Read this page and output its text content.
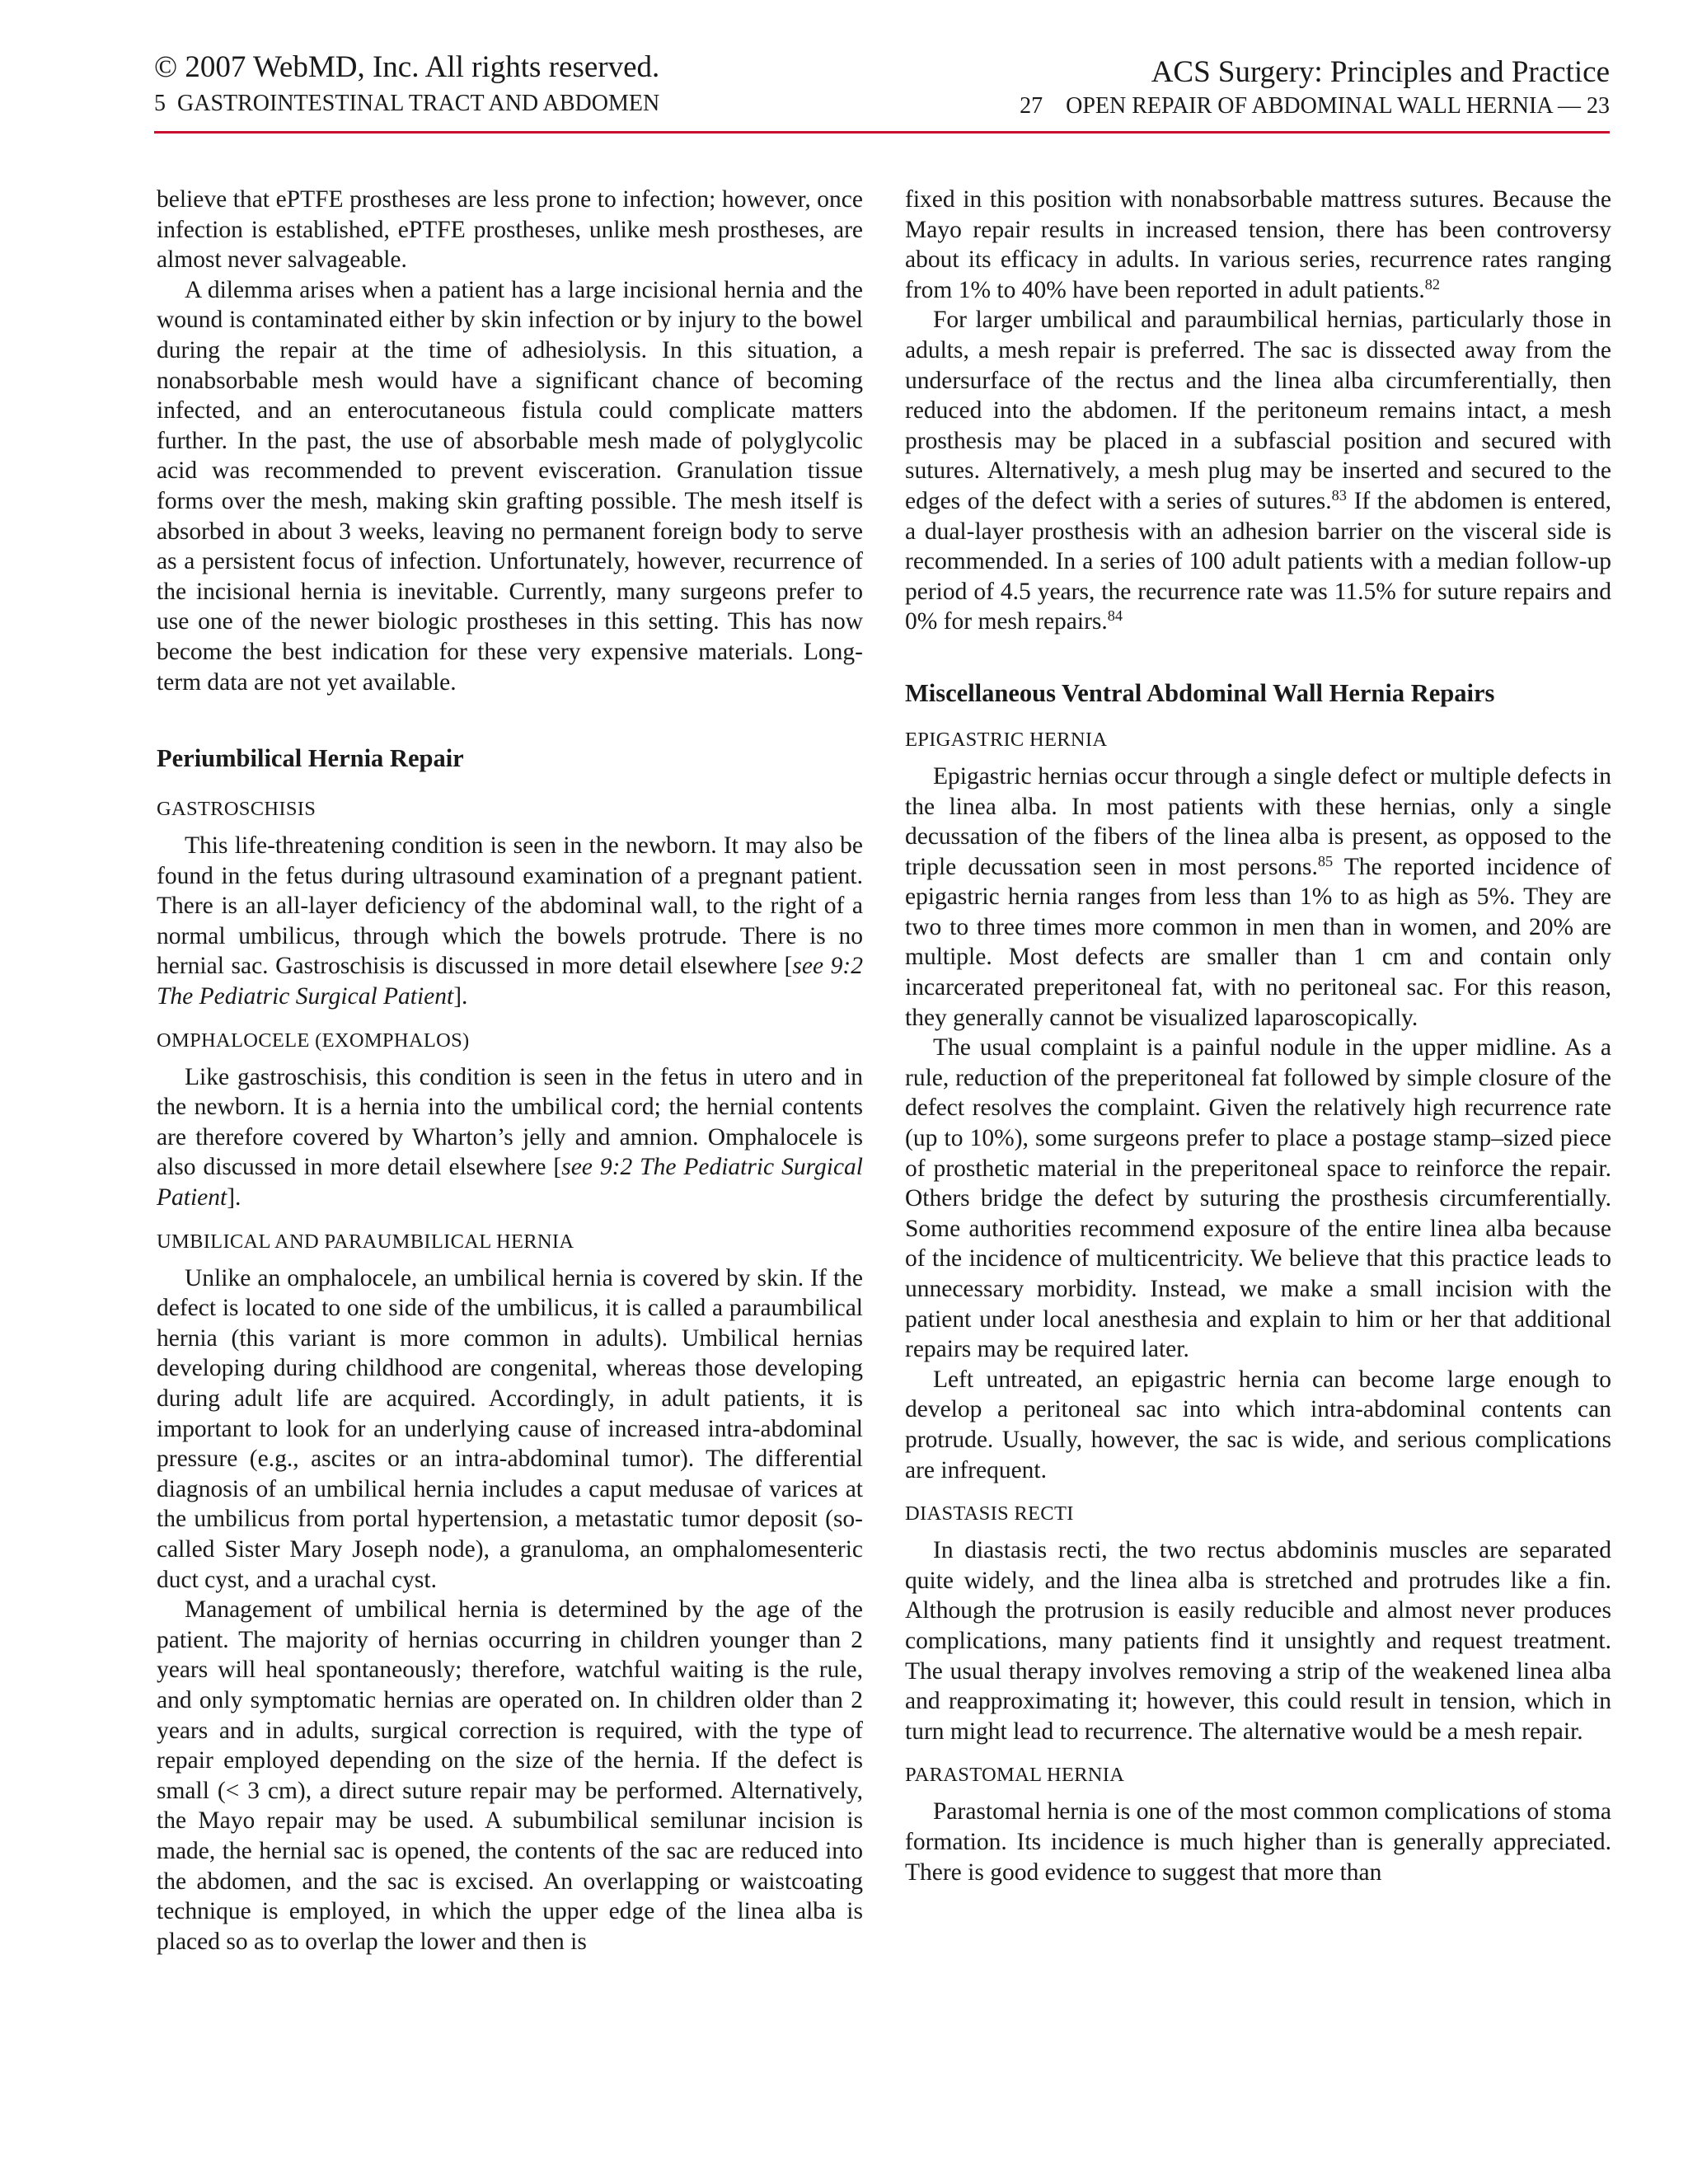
© 2007 WebMD, Inc. All rights reserved.
5 GASTROINTESTINAL TRACT AND ABDOMEN
ACS Surgery: Principles and Practice
27 OPEN REPAIR OF ABDOMINAL WALL HERNIA — 23

believe that ePTFE prostheses are less prone to infection; however, once infection is established, ePTFE prostheses, unlike mesh prostheses, are almost never salvageable.

A dilemma arises when a patient has a large incisional hernia and the wound is contaminated either by skin infection or by injury to the bowel during the repair at the time of adhesiolysis. In this situation, a nonabsorbable mesh would have a significant chance of becoming infected, and an enterocutaneous fistula could complicate matters further. In the past, the use of absorbable mesh made of polyglycolic acid was recommended to prevent evisceration. Granulation tissue forms over the mesh, making skin grafting possible. The mesh itself is absorbed in about 3 weeks, leaving no permanent foreign body to serve as a persistent focus of infection. Unfortunately, however, recurrence of the incisional hernia is inevitable. Currently, many surgeons prefer to use one of the newer biologic prostheses in this setting. This has now become the best indication for these very expensive materials. Long-term data are not yet available.

Periumbilical Hernia Repair
GASTROSCHISIS

This life-threatening condition is seen in the newborn. It may also be found in the fetus during ultrasound examination of a pregnant patient. There is an all-layer deficiency of the abdominal wall, to the right of a normal umbilicus, through which the bowels protrude. There is no hernial sac. Gastroschisis is discussed in more detail elsewhere [see 9:2 The Pediatric Surgical Patient].

OMPHALOCELE (EXOMPHALOS)

Like gastroschisis, this condition is seen in the fetus in utero and in the newborn. It is a hernia into the umbilical cord; the hernial contents are therefore covered by Wharton’s jelly and amnion. Omphalocele is also discussed in more detail elsewhere [see 9:2 The Pediatric Surgical Patient].

UMBILICAL AND PARAUMBILICAL HERNIA

Unlike an omphalocele, an umbilical hernia is covered by skin. If the defect is located to one side of the umbilicus, it is called a paraumbilical hernia (this variant is more common in adults). Umbilical hernias developing during childhood are congenital, whereas those developing during adult life are acquired. Accordingly, in adult patients, it is important to look for an underlying cause of increased intra-abdominal pressure (e.g., ascites or an intra-abdominal tumor). The differential diagnosis of an umbilical hernia includes a caput medusae of varices at the umbilicus from portal hypertension, a metastatic tumor deposit (so-called Sister Mary Joseph node), a granuloma, an omphalomesenteric duct cyst, and a urachal cyst.

Management of umbilical hernia is determined by the age of the patient. The majority of hernias occurring in children younger than 2 years will heal spontaneously; therefore, watchful waiting is the rule, and only symptomatic hernias are operated on. In children older than 2 years and in adults, surgical correction is required, with the type of repair employed depending on the size of the hernia. If the defect is small (< 3 cm), a direct suture repair may be performed. Alternatively, the Mayo repair may be used. A subumbilical semilunar incision is made, the hernial sac is opened, the contents of the sac are reduced into the abdomen, and the sac is excised. An overlapping or waistcoating technique is employed, in which the upper edge of the linea alba is placed so as to overlap the lower and then is

fixed in this position with nonabsorbable mattress sutures. Because the Mayo repair results in increased tension, there has been controversy about its efficacy in adults. In various series, recurrence rates ranging from 1% to 40% have been reported in adult patients.$^{82}$

For larger umbilical and paraumbilical hernias, particularly those in adults, a mesh repair is preferred. The sac is dissected away from the undersurface of the rectus and the linea alba circumferentially, then reduced into the abdomen. If the peritoneum remains intact, a mesh prosthesis may be placed in a subfascial position and secured with sutures. Alternatively, a mesh plug may be inserted and secured to the edges of the defect with a series of sutures.$^{83}$ If the abdomen is entered, a dual-layer prosthesis with an adhesion barrier on the visceral side is recommended. In a series of 100 adult patients with a median follow-up period of 4.5 years, the recurrence rate was 11.5% for suture repairs and 0% for mesh repairs.$^{84}$

Miscellaneous Ventral Abdominal Wall Hernia Repairs
EPIGASTRIC HERNIA

Epigastric hernias occur through a single defect or multiple defects in the linea alba. In most patients with these hernias, only a single decussation of the fibers of the linea alba is present, as opposed to the triple decussation seen in most persons.$^{85}$ The reported incidence of epigastric hernia ranges from less than 1% to as high as 5%. They are two to three times more common in men than in women, and 20% are multiple. Most defects are smaller than 1 cm and contain only incarcerated preperitoneal fat, with no peritoneal sac. For this reason, they generally cannot be visualized laparoscopically.

The usual complaint is a painful nodule in the upper midline. As a rule, reduction of the preperitoneal fat followed by simple closure of the defect resolves the complaint. Given the relatively high recurrence rate (up to 10%), some surgeons prefer to place a postage stamp–sized piece of prosthetic material in the preperitoneal space to reinforce the repair. Others bridge the defect by suturing the prosthesis circumferentially. Some authorities recommend exposure of the entire linea alba because of the incidence of multicentricity. We believe that this practice leads to unnecessary morbidity. Instead, we make a small incision with the patient under local anesthesia and explain to him or her that additional repairs may be required later.

Left untreated, an epigastric hernia can become large enough to develop a peritoneal sac into which intra-abdominal contents can protrude. Usually, however, the sac is wide, and serious complications are infrequent.

DIASTASIS RECTI

In diastasis recti, the two rectus abdominis muscles are separated quite widely, and the linea alba is stretched and protrudes like a fin. Although the protrusion is easily reducible and almost never produces complications, many patients find it unsightly and request treatment. The usual therapy involves removing a strip of the weakened linea alba and reapproximating it; however, this could result in tension, which in turn might lead to recurrence. The alternative would be a mesh repair.

PARASTOMAL HERNIA

Parastomal hernia is one of the most common complications of stoma formation. Its incidence is much higher than is generally appreciated. There is good evidence to suggest that more than
